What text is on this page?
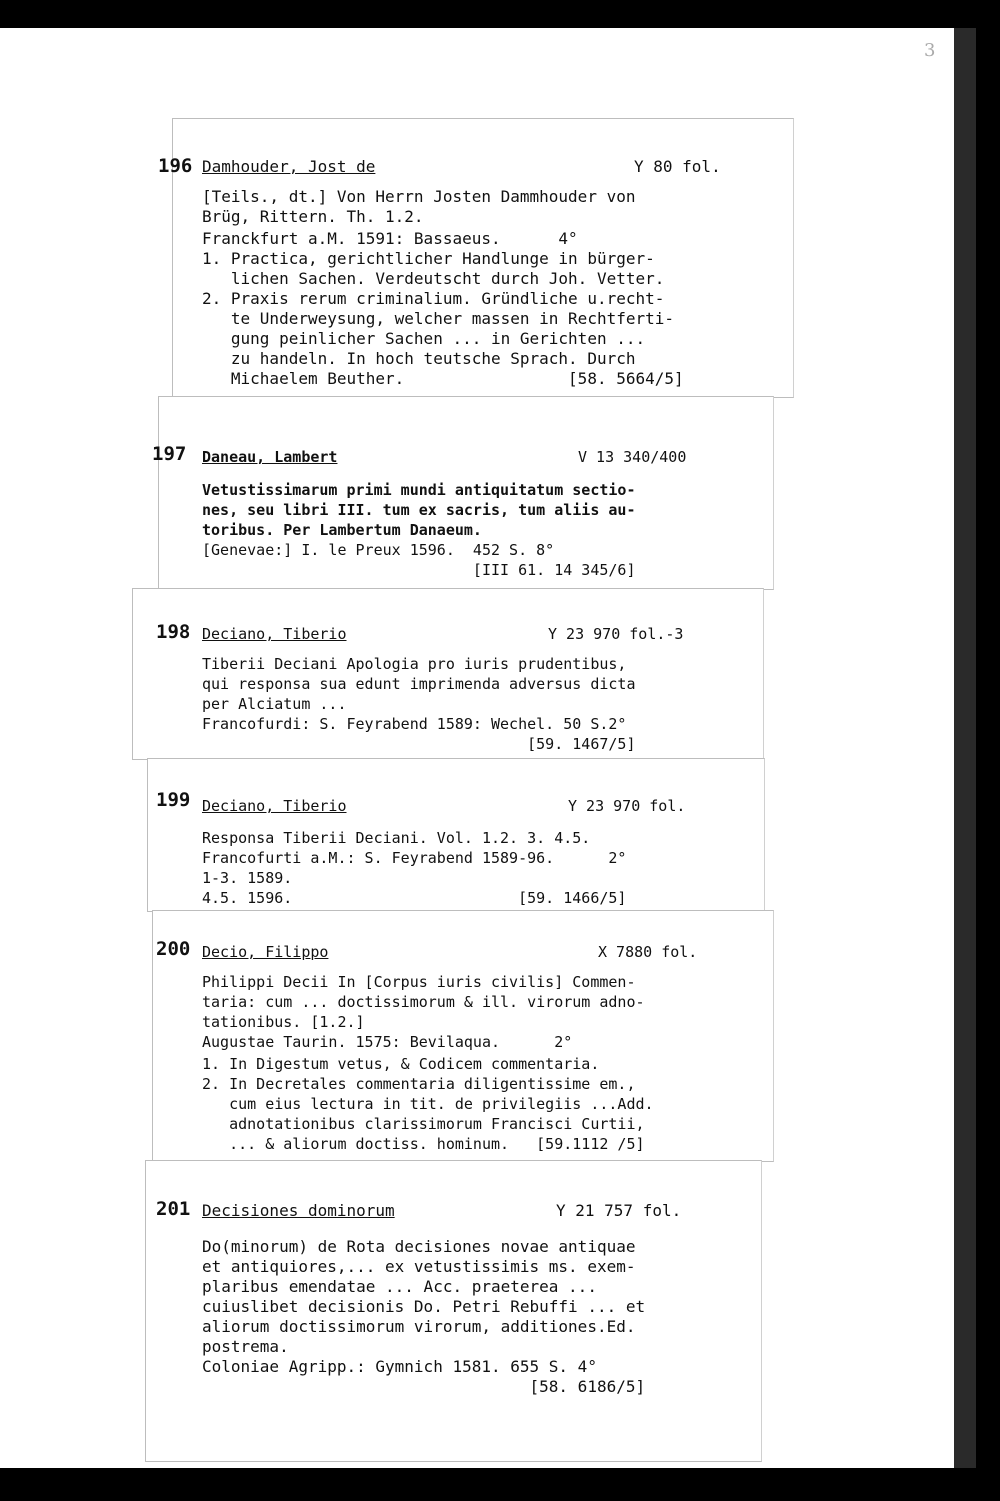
3
196 Damhouder, Jost de	Y 80 fol.
[Teils., dt.] Von Herrn Josten Dammhouder von
Brüg, Rittern. Th. 1.2.
Franckfurt a.M. 1591: Bassaeus.      4°
1. Practica, gerichtlicher Handlunge in bürger-
lichen Sachen. Verdeutscht durch Joh. Vetter.
2. Praxis rerum criminalium. Gründliche u.recht-
te Underweysung, welcher massen in Rechtferti-
gung peinlicher Sachen ... in Gerichten ...
zu handeln. In hoch teutsche Sprach. Durch
Michaelem Beuther.                 [58. 5664/5]
197 Daneau, Lambert	V 13 340/400
Vetustissimarum primi mundi antiquitatum sectio-
nes, seu libri III. tum ex sacris, tum aliis au-
toribus. Per Lambertum Danaeum.
[Genevae:] I. le Preux 1596.  452 S. 8°
[III 61. 14 345/6]
198 Deciano, Tiberio	Y 23 970 fol.-3
Tiberii Deciani Apologia pro iuris prudentibus,
qui responsa sua edunt imprimenda adversus dicta
per Alciatum ...
Francofurdi: S. Feyrabend 1589: Wechel. 50 S.2°
[59. 1467/5]
199 Deciano, Tiberio	Y 23 970 fol.
Responsa Tiberii Deciani. Vol. 1.2. 3. 4.5.
Francofurti a.M.: S. Feyrabend 1589-96.      2°
1-3. 1589.
4.5. 1596.                         [59. 1466/5]
200 Decio, Filippo	X 7880 fol.
Philippi Decii In [Corpus iuris civilis] Commen-
taria: cum ... doctissimorum & ill. virorum adno-
tationibus. [1.2.]
Augustae Taurin. 1575: Bevilaqua.      2°
1. In Digestum vetus, & Codicem commentaria.
2. In Decretales commentaria diligentissime em.,
cum eius lectura in tit. de privilegiis ...Add.
adnotationibus clarissimorum Francisci Curtii,
... & aliorum doctiss. hominum.   [59.1112 /5]
201 Decisiones dominorum	Y 21 757 fol.
Do(minorum) de Rota decisiones novae antiquae
et antiquiores,... ex vetustissimis ms. exem-
plaribus emendatae ... Acc. praeterea ...
cuiuslibet decisionis Do. Petri Rebuffi ... et
aliorum doctissimorum virorum, additiones.Ed.
postrema.
Coloniae Agripp.: Gymnich 1581. 655 S. 4°
[58. 6186/5]
